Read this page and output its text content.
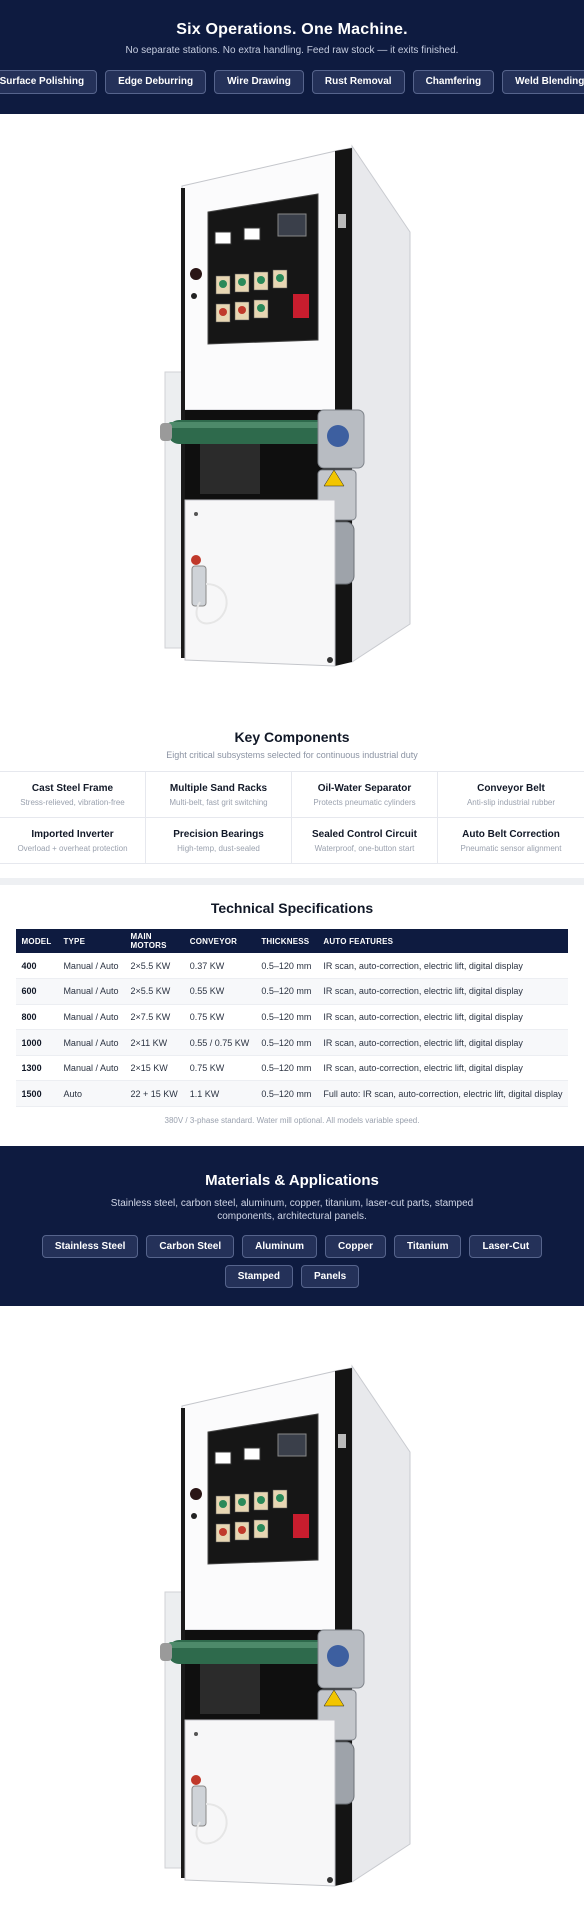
Six Operations. One Machine.

No separate stations. No extra handling. Feed raw stock — it exits finished.

Surface Polishing	Edge Deburring	Wire Drawing	Rust Removal	Chamfering	Weld Blending
Key Components

Eight critical subsystems selected for continuous industrial duty

Cast Steel Frame
Stress-relieved, vibration-free
Multiple Sand Racks
Multi-belt, fast grit switching
Oil-Water Separator
Protects pneumatic cylinders
Conveyor Belt
Anti-slip industrial rubber
Imported Inverter
Overload + overheat protection
Precision Bearings
High-temp, dust-sealed
Sealed Control Circuit
Waterproof, one-button start
Auto Belt Correction
Pneumatic sensor alignment
Technical Specifications
MODEL	TYPE	MAIN MOTORS	CONVEYOR	THICKNESS	AUTO FEATURES
400	Manual / Auto	2×5.5 KW	0.37 KW	0.5–120 mm	IR scan, auto-correction, electric lift, digital display
600	Manual / Auto	2×5.5 KW	0.55 KW	0.5–120 mm	IR scan, auto-correction, electric lift, digital display
800	Manual / Auto	2×7.5 KW	0.75 KW	0.5–120 mm	IR scan, auto-correction, electric lift, digital display
1000	Manual / Auto	2×11 KW	0.55 / 0.75 KW	0.5–120 mm	IR scan, auto-correction, electric lift, digital display
1300	Manual / Auto	2×15 KW	0.75 KW	0.5–120 mm	IR scan, auto-correction, electric lift, digital display
1500	Auto	22 + 15 KW	1.1 KW	0.5–120 mm	Full auto: IR scan, auto-correction, electric lift, digital display

380V / 3-phase standard. Water mill optional. All models variable speed.

Materials & Applications

Stainless steel, carbon steel, aluminum, copper, titanium, laser-cut parts, stamped components, architectural panels.

Stainless Steel	Carbon Steel	Aluminum	Copper	Titanium	Laser-Cut
Stamped	Panels
